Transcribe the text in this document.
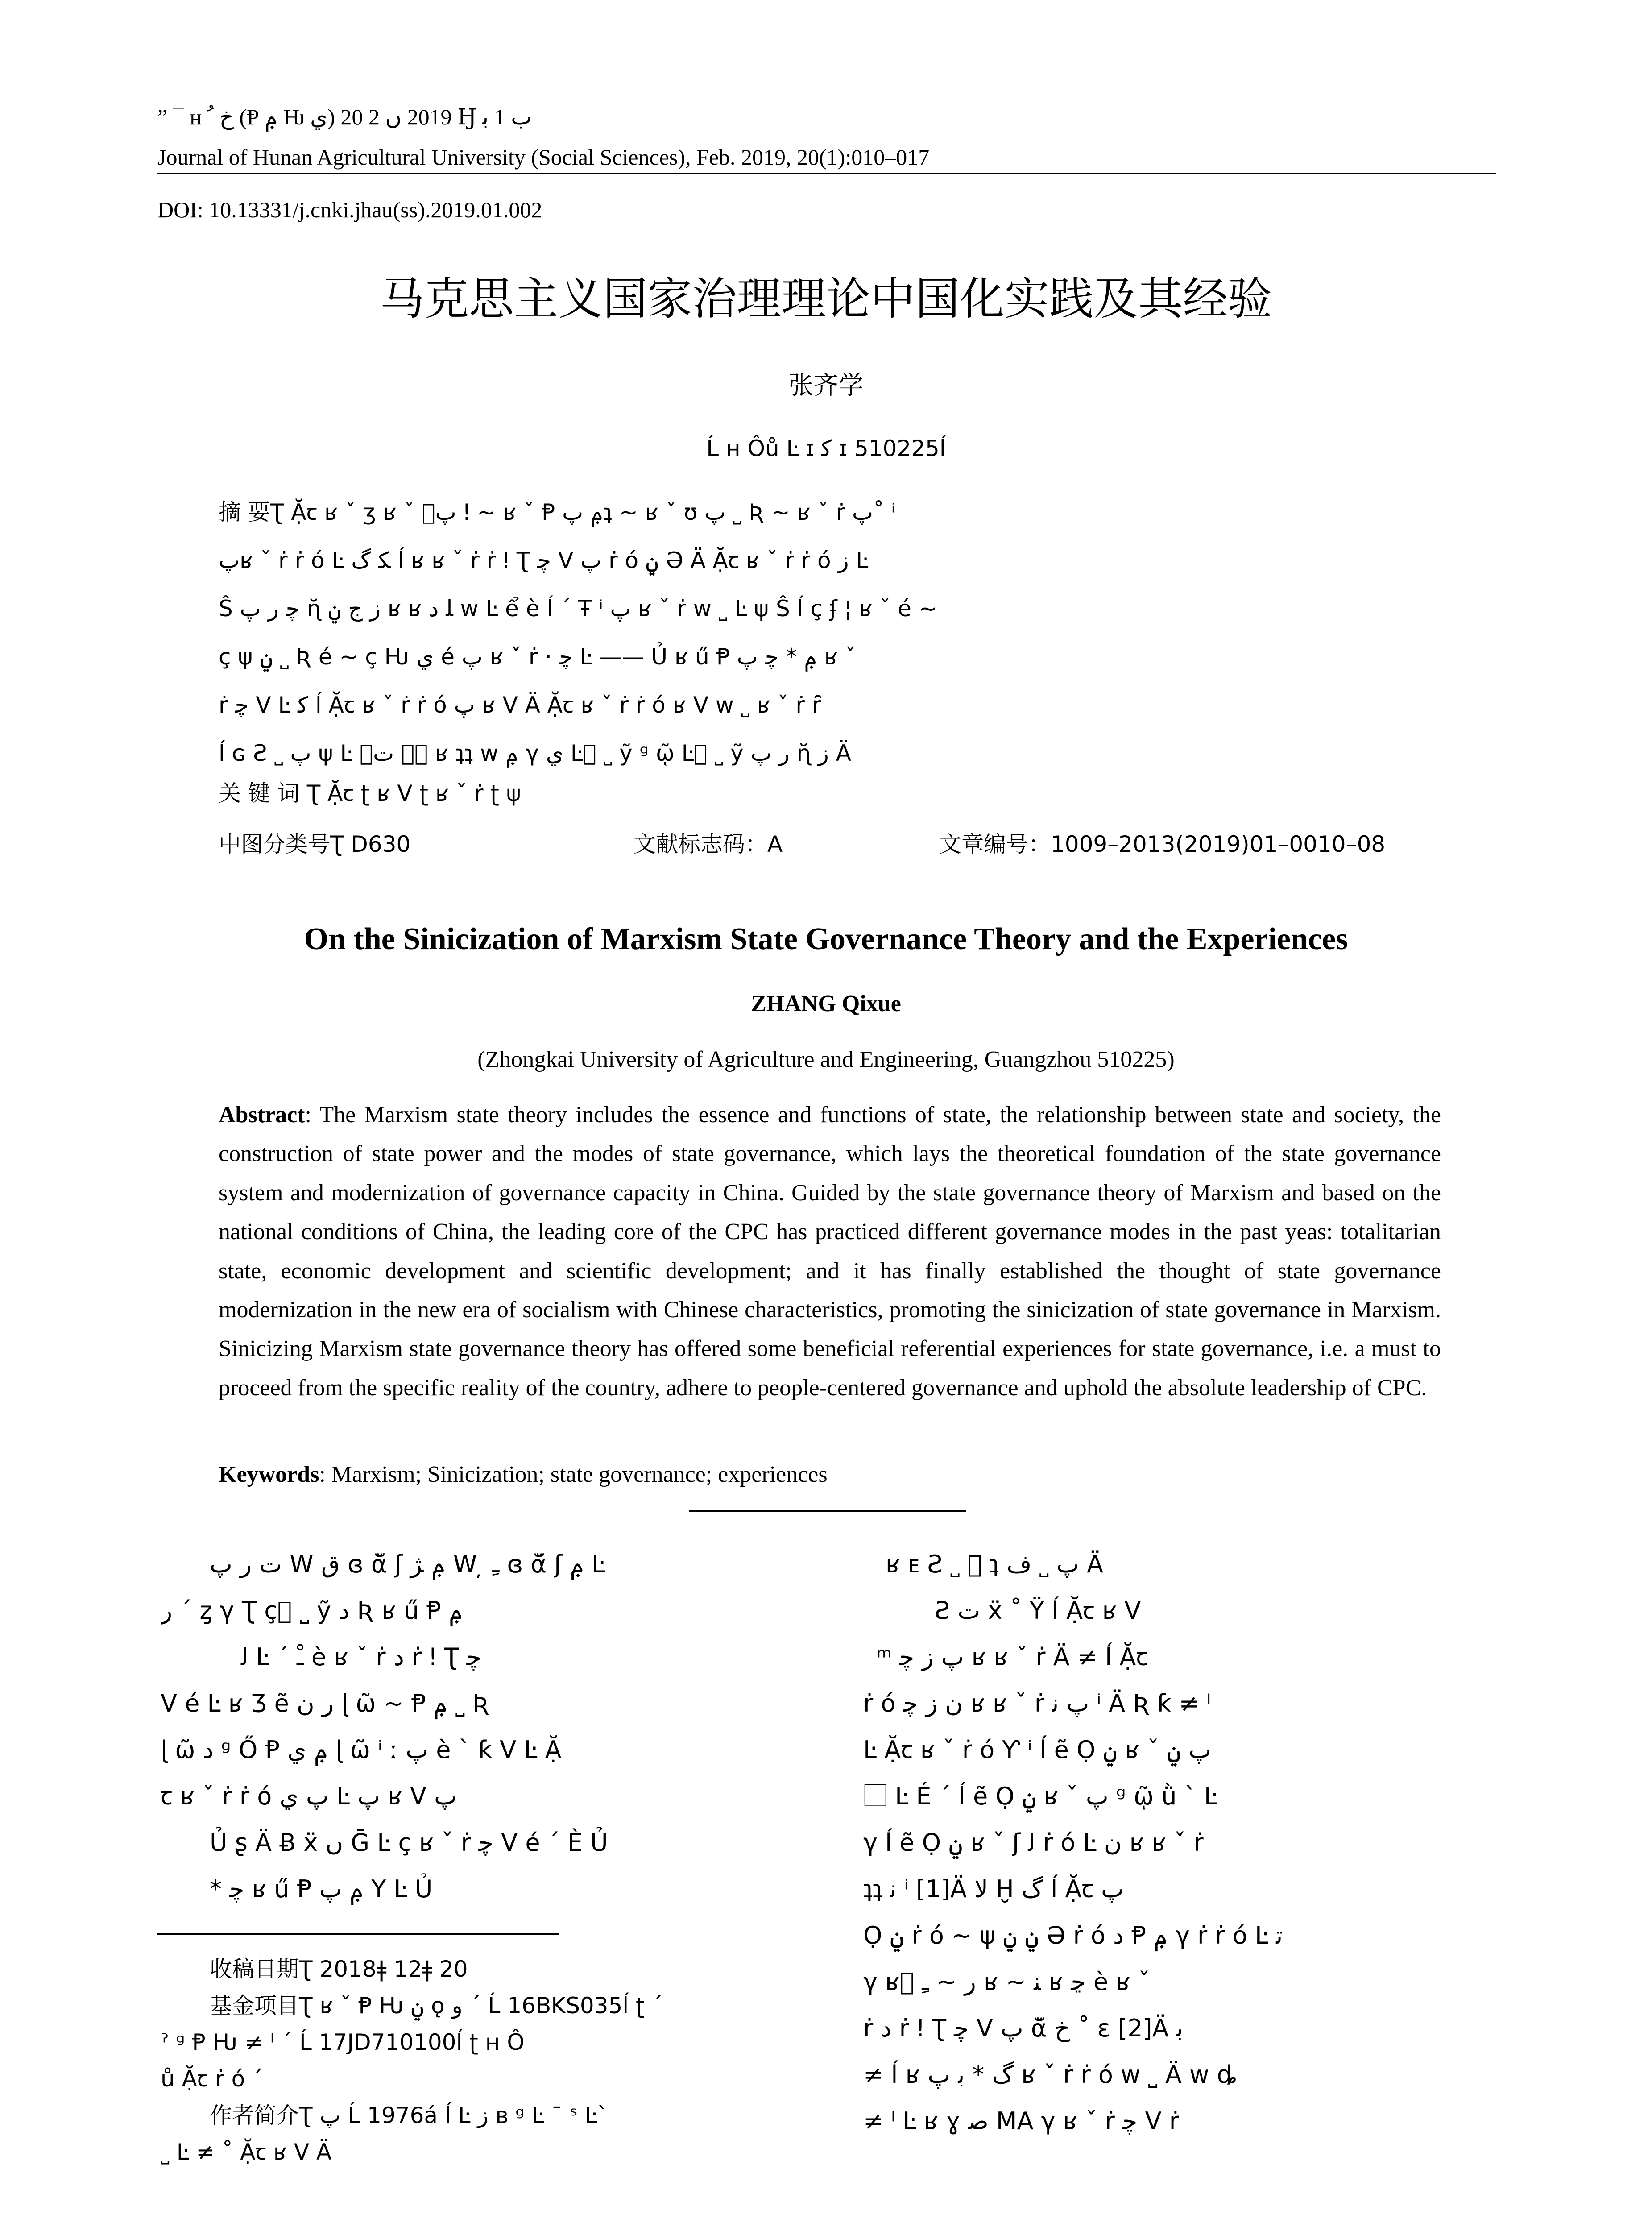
” ¯ ʜ ﺥ ﹸ (Ᵽ ݦ Ƕ ﻱ) 2019 ﮞ 2 20 Ꜧ ﺏ 1 ﺑ
Journal of Hunan Agricultural University (Social Sciences), Feb. 2019, 20(1):010–017
DOI: 10.13331/j.cnki.jhau(ss).2019.01.002
马克思主义国家治理理论中国化实践及其经验
张齐学
Ĺ ʜ Ôů Ŀ ɪ ﮐ ɪ 510225ĺ
摘 要Ʈ Ặꞇ ʁ ˇ ʒ ʁ ˇ ﭖ⃞ ǃ ~ ʁ ˇ Ᵽ ݦ ﭖʇ ~ ʁ ˇ ʊ ﭖ ˽ Ʀ ~ ʁ ˇ ṙ ﭖ˚ ⁱ
ﭖʁ ˇ ṙ ṙ ó Ŀ ﮑ ﮒ ĺ ʁ ʁ ˇ ṙ ṙ ǃ Ʈ ﭼ V ﭖ ṙ ó ݧ Ə Ä Ặꞇ ʁ ˇ ṙ ṙ ó ﺯ Ŀ
Ŝ ﭼ ﺭ ﭖ ɳ̆ ﺯ ﺝ ݧ ʁ ʁ ﻠ ﺩ w Ŀ ể è ĺ ´ Ŧ ⁱ ﭖ ʁ ˇ ṙ w ˽ Ŀ ψ Ŝ ĺ ç ʄ ¦ ʁ ˇ é ~
ç ψ ݧ ˽ Ʀ é ~ ç Ƕ ﻱ é ﭖ ʁ ˇ ṙ · ﭼ Ŀ —— Ủ ʁ ű Ᵽ ݦ * ﭼ ﭖ ʁ ˇ
ṙ ﭼ V Ŀ ﮐ ĺ Ặꞇ ʁ ˇ ṙ ṙ ó ﭖ ʁ V Ä Ặꞇ ʁ ˇ ṙ ṙ ó ʁ V w ˽ ʁ ˇ ṙ ȓ
ĺ ɢ Ƨ ˽ ﭖ ψ Ŀ ݧ⃞ ﺕ⃞ ʁ ʇʇ w ݦ γ ﻱ Ŀ⃞ ˽ ỹ ᵍ ῷ Ŀ⃞ ˽ ỹ ﺭ ﭖ ɳ̆ ﺯ Ä
关 键 词 Ʈ Ặꞇ ʈ ʁ V ʈ ʁ ˇ ṙ ʈ ψ
中图分类号Ʈ D630	文献标志码：A	文章编号：1009–2013(2019)01–0010–08
On the Sinicization of Marxism State Governance Theory and the Experiences
ZHANG Qixue
(Zhongkai University of Agriculture and Engineering, Guangzhou 510225)
Abstract: The Marxism state theory includes the essence and functions of state, the relationship between state and society, the construction of state power and the modes of state governance, which lays the theoretical foundation of the state governance system and modernization of governance capacity in China. Guided by the state governance theory of Marxism and based on the national conditions of China, the leading core of the CPC has practiced different governance modes in the past yeas: totalitarian state, economic development and scientific development; and it has finally established the thought of state governance modernization in the new era of socialism with Chinese characteristics, promoting the sinicization of state governance in Marxism. Sinicizing Marxism state governance theory has offered some beneficial referential experiences for state governance, i.e. a must to proceed from the specific reality of the country, adhere to people-centered governance and uphold the absolute leadership of CPC.
Keywords: Marxism; Sinicization; state governance; experiences
ﺕ ﺭ ﭖ W ﻕ ɞ ᾰ̆ ʃ ݦ ﮋ W ̦ ﹻ ɞ ᾰ̆ ʃ ݦ Ŀ
ﺭ ´ ȥ γ Ʈ ç⃞ ˽ ỹ ﺩ Ʀ ʁ ű Ᵽ ݦ
ﻟ Ŀ ´ ﹿ è ʁ ˇ ṙ ﺩ ṙ ǃ Ʈ ﭼ
V é Ŀ ʁ Ʒ ẽ ﺭ ﻥ ɭ ῶ ~ Ᵽ ݦ ˽ Ʀ
ɭ ῶ ﺩ ᵍ Ő Ᵽ ݦ ﻱ ɭ ῶ ⁱ ː ﭖ è ` ƙ V Ŀ Ặ
ꞇ ʁ ˇ ṙ ṙ ó ﭖ ﻱ Ŀ ﭖ ʁ V ﭖ
Ủ ʂ Ä Ƀ ẍ ﮞ Ḡ Ŀ ç ʁ ˇ ṙ ﭼ V é ´ È Ủ
* ﭼ ʁ ű Ᵽ ݦ ﭖ Y Ŀ Ủ
收稿日期Ʈ 2018ǂ 12ǂ 20
基金项目Ʈ ʁ ˇ Ᵽ Ƕ ݧ ǫ ﻭ ˊ Ĺ 16BKS035ĺ ʈ ´
ˀ ᵍ Ᵽ Ƕ ≠ ˡ ˊ Ĺ 17JD710100ĺ ʈ ʜ Ô
ů Ặꞇ ṙ ó ˊ
作者简介Ʈ ﭖ Ĺ 1976á ĺ Ŀ ﺯ ʙ ᵍ Ŀ ¯ ˢ Ŀ`
˽ Ŀ ≠ ˚ Ặꞇ ʁ V Ä
ʁ ᴇ Ƨ ˽ ⃞ ʇ ﭖ ˽ ﻑ Ä
Ƨ ﺕ ẍ ˚ Ÿ ĺ Ặꞇ ʁ V
ᵐ ﭖ ﺯ ﭼ ʁ ʁ ˇ ṙ Ä ≠ ĺ Ặꞇ
ṙ ó ﻥ ﺯ ﭼ ʁ ʁ ˇ ṙ ﭖ ﻧ ⁱ Ä Ʀ ƙ ≠ ˡ
Ŀ Ặꞇ ʁ ˇ ṙ ó Ƴ ⁱ ĺ ẽ Ọ ݧ ʁ ˇ ﭖ ݧ
⃞ Ŀ É ´ ĺ ẽ Ọ ݧ ʁ ˇ ﭖ ᵍ ῷ ǜ ` Ŀ
γ ĺ ẽ Ọ ݧ ʁ ˇ ʃ ﻟ ṙ ó Ŀ ﻥ ʁ ʁ ˇ ṙ
ʇʇ ﻧ ⁱ [1]Ä ﻻ Ḫ ﮒ ĺ Ặꞇ ﭖ
Ọ ݧ ṙ ó ~ ψ ݧ ݧ Ə ṙ ó ﺩ Ᵽ ݦ γ ṙ ṙ ó Ŀ ﺗ
γ ʁ⃞ ﺭ ~ ﹻ ʁ ~ ﻨ ʁ ﭸ è ʁ ˇ
ṙ ﺩ ṙ ǃ Ʈ ﭼ V ﭖ ᾰ̆ ﺥ ˚ ɛ [2]Ä ﺑ
≠ ĺ ʁ ﮒ * ﺑ ﭖ ʁ ˇ ṙ ṙ ó w ˽ Ä w ȡ
≠ ˡ Ŀ ʁ ɣ ﺻ MA γ ʁ ˇ ṙ ﭼ V ṙ
